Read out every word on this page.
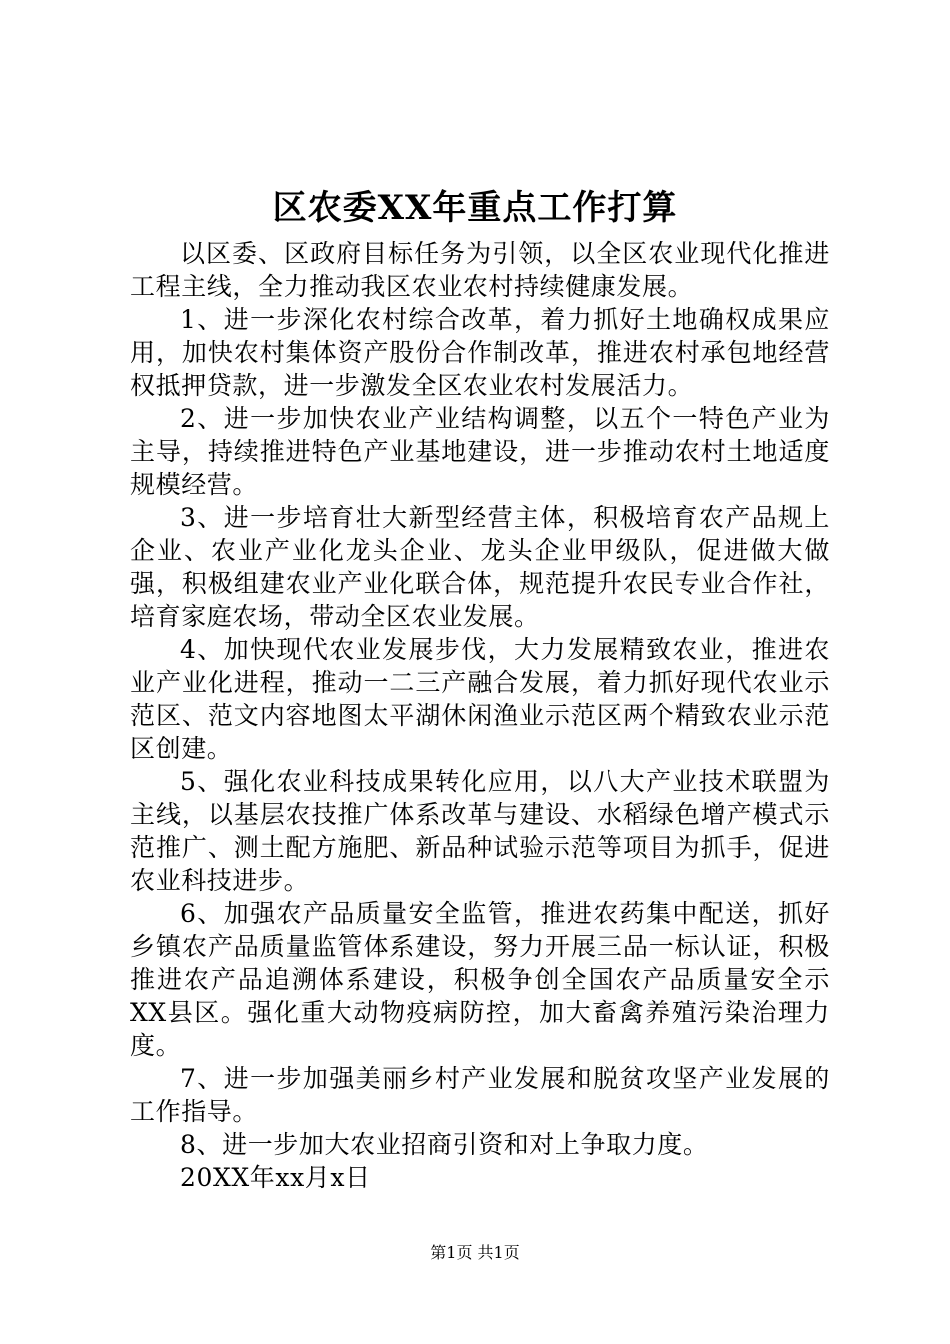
区农委XX年重点工作打算

以区委、区政府目标任务为引领，以全区农业现代化推进工程主线，全力推动我区农业农村持续健康发展。

1、进一步深化农村综合改革，着力抓好土地确权成果应用，加快农村集体资产股份合作制改革，推进农村承包地经营权抵押贷款，进一步激发全区农业农村发展活力。

2、进一步加快农业产业结构调整，以五个一特色产业为主导，持续推进特色产业基地建设，进一步推动农村土地适度规模经营。

3、进一步培育壮大新型经营主体，积极培育农产品规上企业、农业产业化龙头企业、龙头企业甲级队，促进做大做强，积极组建农业产业化联合体，规范提升农民专业合作社，培育家庭农场，带动全区农业发展。

4、加快现代农业发展步伐，大力发展精致农业，推进农业产业化进程，推动一二三产融合发展，着力抓好现代农业示范区、范文内容地图太平湖休闲渔业示范区两个精致农业示范区创建。

5、强化农业科技成果转化应用，以八大产业技术联盟为主线，以基层农技推广体系改革与建设、水稻绿色增产模式示范推广、测土配方施肥、新品种试验示范等项目为抓手，促进农业科技进步。

6、加强农产品质量安全监管，推进农药集中配送，抓好乡镇农产品质量监管体系建设，努力开展三品一标认证，积极推进农产品追溯体系建设，积极争创全国农产品质量安全示XX县区。强化重大动物疫病防控，加大畜禽养殖污染治理力度。

7、进一步加强美丽乡村产业发展和脱贫攻坚产业发展的工作指导。

8、进一步加大农业招商引资和对上争取力度。

20XX年xx月x日

第1页 共1页
